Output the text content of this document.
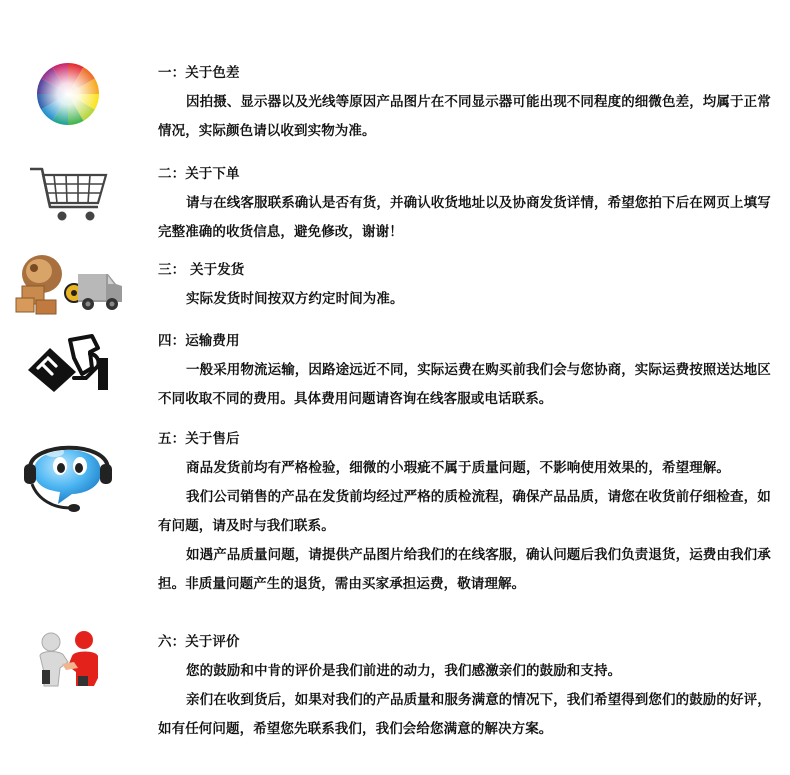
一：关于色差
因拍摄、显示器以及光线等原因产品图片在不同显示器可能出现不同程度的细微色差，均属于正常情况，实际颜色请以收到实物为准。
二：关于下单
请与在线客服联系确认是否有货，并确认收货地址以及协商发货详情，希望您拍下后在网页上填写完整准确的收货信息，避免修改，谢谢！
三： 关于发货
实际发货时间按双方约定时间为准。
四：运输费用
一般采用物流运输，因路途远近不同，实际运费在购买前我们会与您协商，实际运费按照送达地区不同收取不同的费用。具体费用问题请咨询在线客服或电话联系。
五：关于售后
商品发货前均有严格检验，细微的小瑕疵不属于质量问题，不影响使用效果的，希望理解。
我们公司销售的产品在发货前均经过严格的质检流程，确保产品品质，请您在收货前仔细检查，如有问题，请及时与我们联系。
如遇产品质量问题，请提供产品图片给我们的在线客服，确认问题后我们负责退货，运费由我们承担。非质量问题产生的退货，需由买家承担运费，敬请理解。
六：关于评价
您的鼓励和中肯的评价是我们前进的动力，我们感激亲们的鼓励和支持。
亲们在收到货后，如果对我们的产品质量和服务满意的情况下，我们希望得到您们的鼓励的好评，如有任何问题，希望您先联系我们，我们会给您满意的解决方案。
